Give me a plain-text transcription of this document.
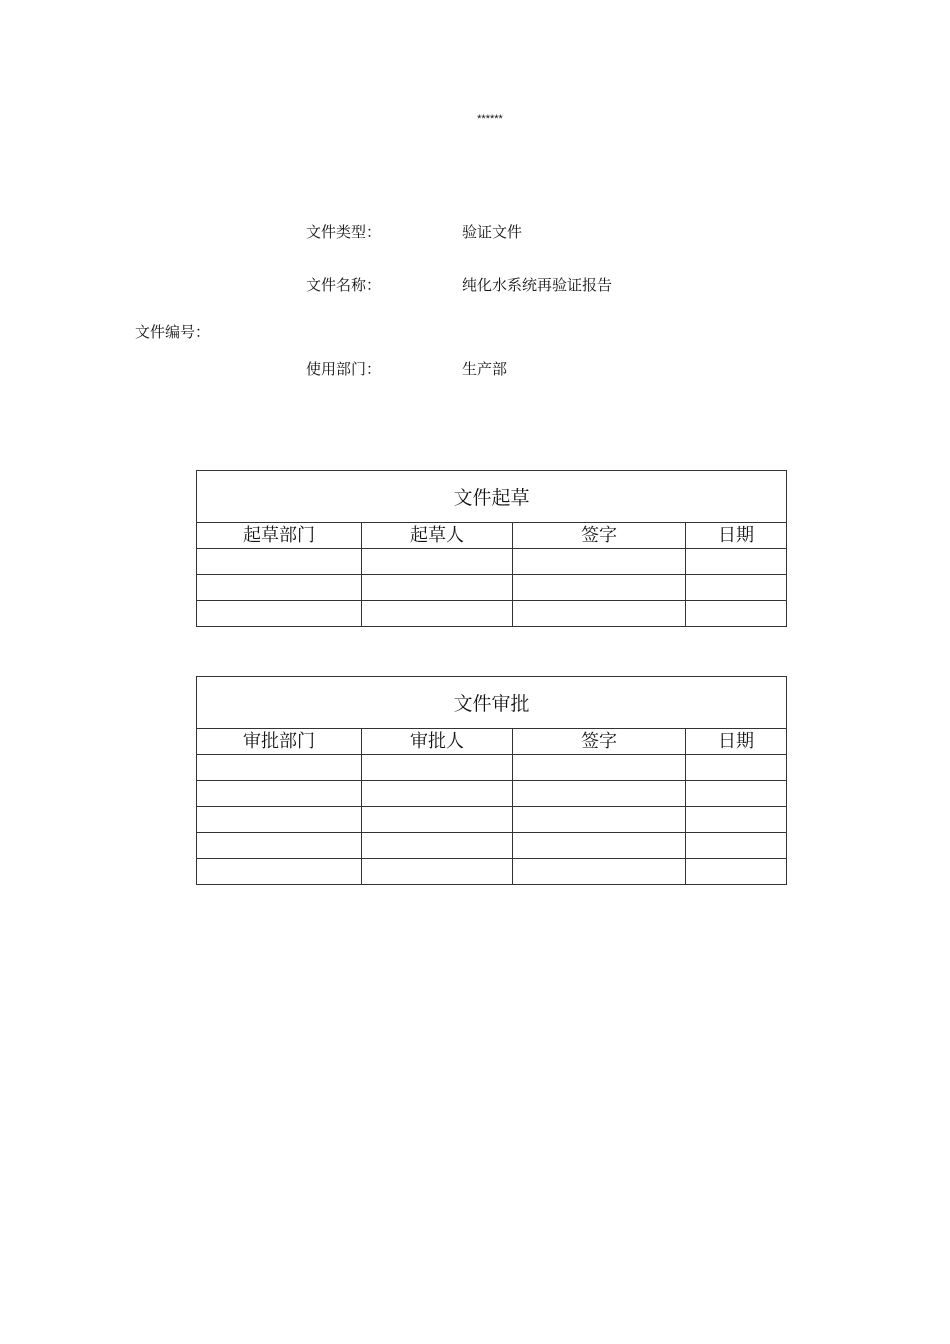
******
文件类型：	验证文件
文件名称：	纯化水系统再验证报告
文件编号：
使用部门：	生产部
文件起草			
起草部门	起草人	签字	日期

文件审批			
审批部门	审批人	签字	日期
